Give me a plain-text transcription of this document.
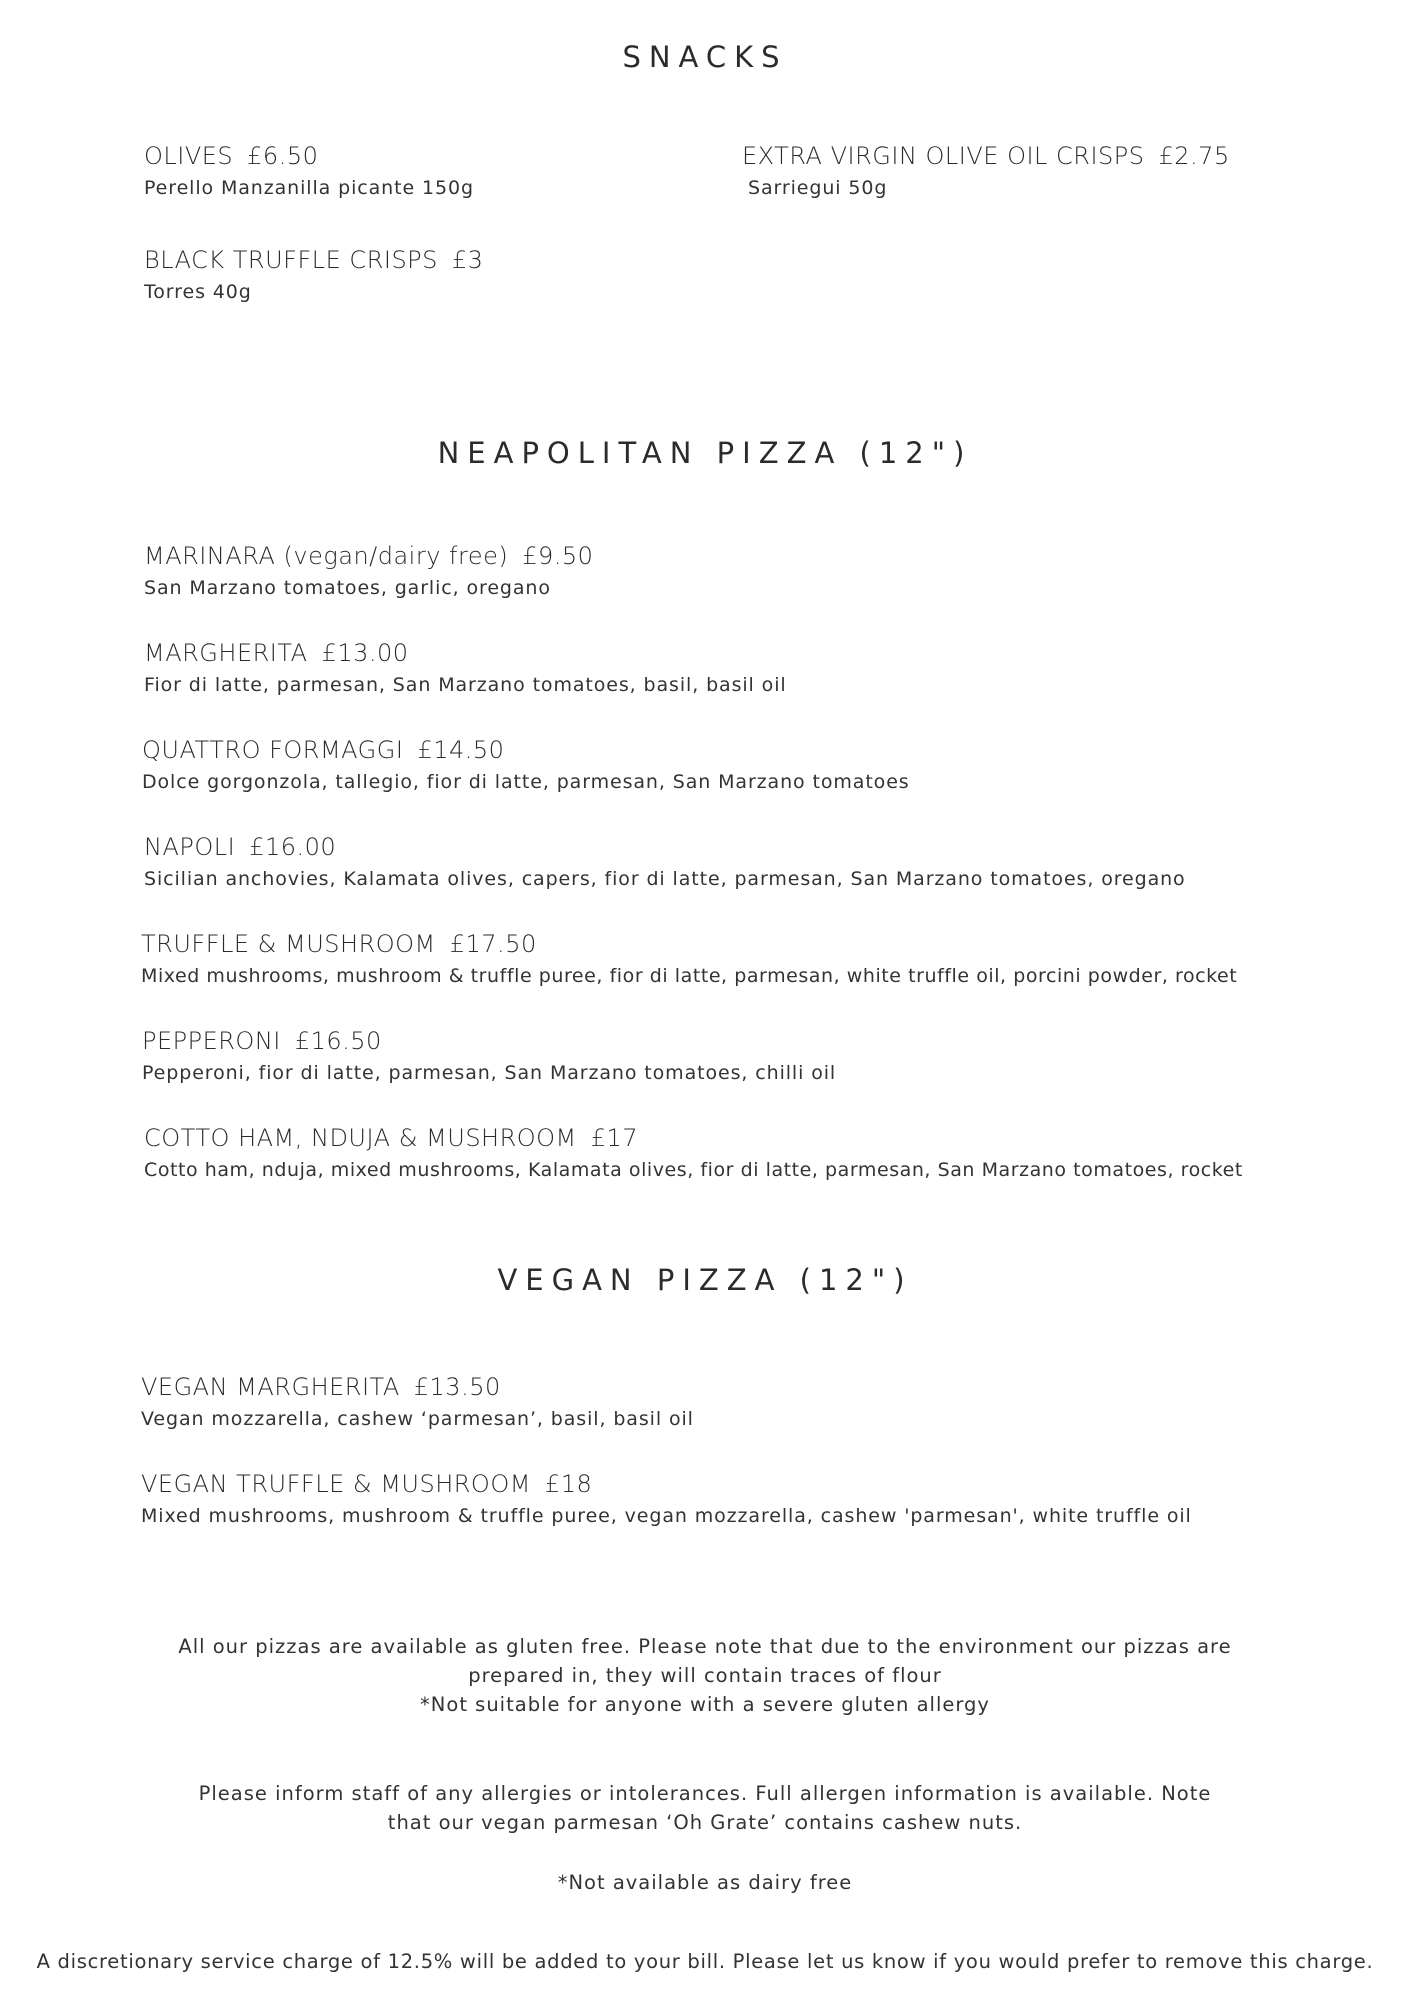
SNACKS
OLIVES £6.50
Perello Manzanilla picante 150g
EXTRA VIRGIN OLIVE OIL CRISPS £2.75
Sarriegui 50g
BLACK TRUFFLE CRISPS £3
Torres 40g
NEAPOLITAN PIZZA (12")
MARINARA (vegan/dairy free) £9.50
San Marzano tomatoes, garlic, oregano
MARGHERITA £13.00
Fior di latte, parmesan, San Marzano tomatoes, basil, basil oil
QUATTRO FORMAGGI £14.50
Dolce gorgonzola, tallegio, fior di latte, parmesan, San Marzano tomatoes
NAPOLI £16.00
Sicilian anchovies, Kalamata olives, capers, fior di latte, parmesan, San Marzano tomatoes, oregano
TRUFFLE & MUSHROOM £17.50
Mixed mushrooms, mushroom & truffle puree, fior di latte, parmesan, white truffle oil, porcini powder, rocket
PEPPERONI £16.50
Pepperoni, fior di latte, parmesan, San Marzano tomatoes, chilli oil
COTTO HAM, NDUJA & MUSHROOM £17
Cotto ham, nduja, mixed mushrooms, Kalamata olives, fior di latte, parmesan, San Marzano tomatoes, rocket
VEGAN PIZZA (12")
VEGAN MARGHERITA £13.50
Vegan mozzarella, cashew ‘parmesan’, basil, basil oil
VEGAN TRUFFLE & MUSHROOM £18
Mixed mushrooms, mushroom & truffle puree, vegan mozzarella, cashew 'parmesan', white truffle oil
All our pizzas are available as gluten free. Please note that due to the environment our pizzas are
prepared in, they will contain traces of flour
*Not suitable for anyone with a severe gluten allergy
Please inform staff of any allergies or intolerances. Full allergen information is available. Note
that our vegan parmesan ‘Oh Grate’ contains cashew nuts.
*Not available as dairy free
A discretionary service charge of 12.5% will be added to your bill. Please let us know if you would prefer to remove this charge.
